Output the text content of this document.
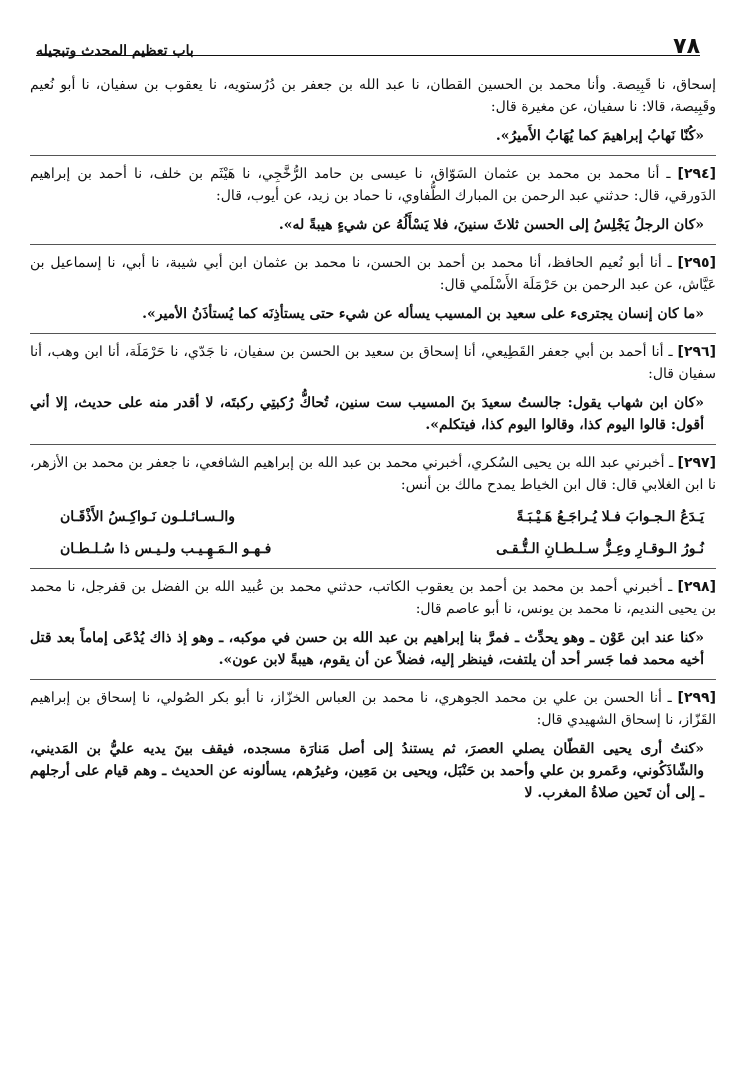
٧٨
باب تعظيم المحدث وتبجيله

إسحاق، نا قَبِيصة. وأنا محمد بن الحسين القطان، نا عبد الله بن جعفر بن دُرُستويه، نا يعقوب بن سفيان، نا أبو نُعيم وقَبِيصة، قالا: نا سفيان، عن مغيرة قال:

«كُنّا نَهابُ إبراهيمَ كما يُهَابُ الأَميرُ».

[٢٩٤] ـ أنا محمد بن محمد بن عثمان السَوّاق، نا عيسى بن حامد الرُّخَّجِي، نا هَيْثَم بن خلف، نا أحمد بن إبراهيم الدَورقي، قال: حدثني عبد الرحمن بن المبارك الطُّفاوي، نا حماد بن زيد، عن أيوب، قال:

«كان الرجلُ يَجْلِسُ إلى الحسن ثلاثَ سنينَ، فلا يَسْأَلُهُ عن شيءٍ هيبةً له».

[٢٩٥] ـ أنا أبو نُعيم الحافظ، أنا محمد بن أحمد بن الحسن، نا محمد بن عثمان ابن أبي شيبة، نا أبي، نا إسماعيل بن عَيَّاش، عن عبد الرحمن بن حَرْمَلَة الأَسْلَمي قال:

«ما كان إنسان يجترىء على سعيد بن المسيب يسأله عن شيء حتى يستأذِنَه كما يُستأذَنُ الأمير».

[٢٩٦] ـ أنا أحمد بن أبي جعفر القَطِيعي، أنا إسحاق بن سعيد بن الحسن بن سفيان، نا جَدّي، نا حَرْمَلَة، أنا ابن وهب، أنا سفيان قال:

«كان ابن شهاب يقول: جالستُ سعيدَ بنَ المسيب ست سنين، تُحاكُّ رُكبتِي ركبتَه، لا أقدر منه على حديث، إلا أني أقول: قالوا اليوم كذا، وقالوا اليوم كذا، فيتكلم».

[٢٩٧] ـ أخبرني عبد الله بن يحيى السُكري، أخبرني محمد بن عبد الله بن إبراهيم الشافعي، نا جعفر بن محمد بن الأزهر، نا ابن الغلابي قال: قال ابن الخياط يمدح مالك بن أنس:

يَـدَعُ الـجـوابَ فـلا يُـراجَـعُ هَـيْـبَـةً
والـسـائـلـون نَـواكِـسُ الأَذْقَـان
نُـورُ الـوقـارِ وعِـزُّ سـلـطـانِ الـتُّـقـى
فـهـو الـمَـهِـيـب ولـيـس ذا سُـلـطـان

[٢٩٨] ـ أخبرني أحمد بن محمد بن أحمد بن يعقوب الكاتب، حدثني محمد بن عُبيد الله بن الفضل بن قفرجل، نا محمد بن يحيى النديم، نا محمد بن يونس، نا أبو عاصم قال:

«كنا عند ابن عَوْن ـ وهو يحدِّث ـ فمرَّ بنا إبراهيم بن عبد الله بن حسن في موكبه، ـ وهو إذ ذاك يُدْعَى إماماً بعد قتل أخيه محمد فما جَسر أحد أن يلتفت، فينظر إليه، فضلاً عن أن يقوم، هيبةً لابن عون».

[٢٩٩] ـ أنا الحسن بن علي بن محمد الجوهري، نا محمد بن العباس الخزّاز، نا أبو بكر الصُولي، نا إسحاق بن إبراهيم القَزّاز، نا إسحاق الشهيدي قال:

«كنتُ أرى يحيى القطّان يصلي العصرَ، ثم يستندُ إلى أصل مَنارَة مسجده، فيقف بينَ يديه عليُّ بن المَديني، والشّاذَكُوني، وعَمرو بن علي وأحمد بن حَنْبَل، ويحيى بن مَعِين، وغيرُهم، يسألونه عن الحديث ـ وهم قيام على أرجلهم ـ إلى أن تَحين صلاةُ المغرب. لا
